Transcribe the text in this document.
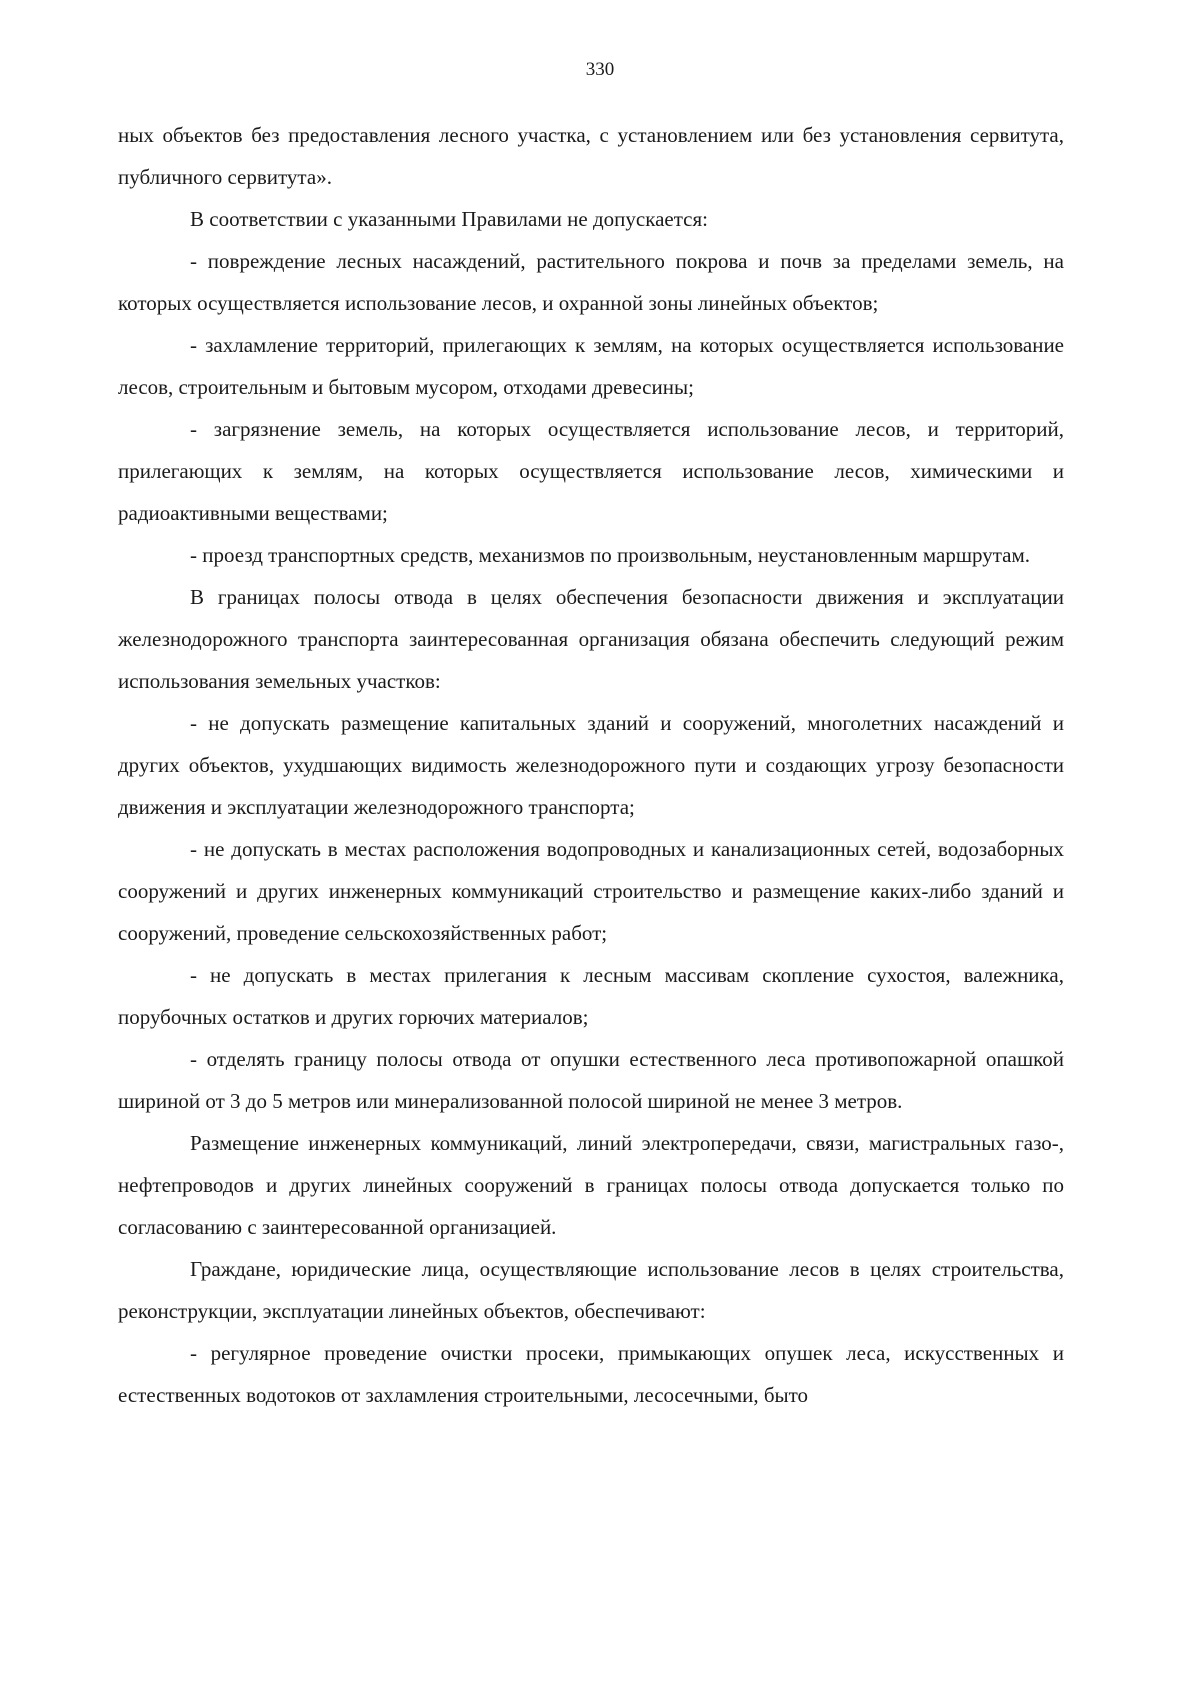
330

ных объектов без предоставления лесного участка, с установлением или без установления сервитута, публичного сервитута».

В соответствии с указанными Правилами не допускается:

- повреждение лесных насаждений, растительного покрова и почв за пределами земель, на которых осуществляется использование лесов, и охранной зоны линейных объектов;

- захламление территорий, прилегающих к землям, на которых осуществляется использование лесов, строительным и бытовым мусором, отходами древесины;

- загрязнение земель, на которых осуществляется использование лесов, и территорий, прилегающих к землям, на которых осуществляется использование лесов, химическими и радиоактивными веществами;

- проезд транспортных средств, механизмов по произвольным, неустановленным маршрутам.

В границах полосы отвода в целях обеспечения безопасности движения и эксплуатации железнодорожного транспорта заинтересованная организация обязана обеспечить следующий режим использования земельных участков:

- не допускать размещение капитальных зданий и сооружений, многолетних насаждений и других объектов, ухудшающих видимость железнодорожного пути и создающих угрозу безопасности движения и эксплуатации железнодорожного транспорта;

- не допускать в местах расположения водопроводных и канализационных сетей, водозаборных сооружений и других инженерных коммуникаций строительство и размещение каких-либо зданий и сооружений, проведение сельскохозяйственных работ;

- не допускать в местах прилегания к лесным массивам скопление сухостоя, валежника, порубочных остатков и других горючих материалов;

- отделять границу полосы отвода от опушки естественного леса противопожарной опашкой шириной от 3 до 5 метров или минерализованной полосой шириной не менее 3 метров.

Размещение инженерных коммуникаций, линий электропередачи, связи, магистральных газо-, нефтепроводов и других линейных сооружений в границах полосы отвода допускается только по согласованию с заинтересованной организацией.

Граждане, юридические лица, осуществляющие использование лесов в целях строительства, реконструкции, эксплуатации линейных объектов, обеспечивают:

- регулярное проведение очистки просеки, примыкающих опушек леса, искусственных и естественных водотоков от захламления строительными, лесосечными, быто
